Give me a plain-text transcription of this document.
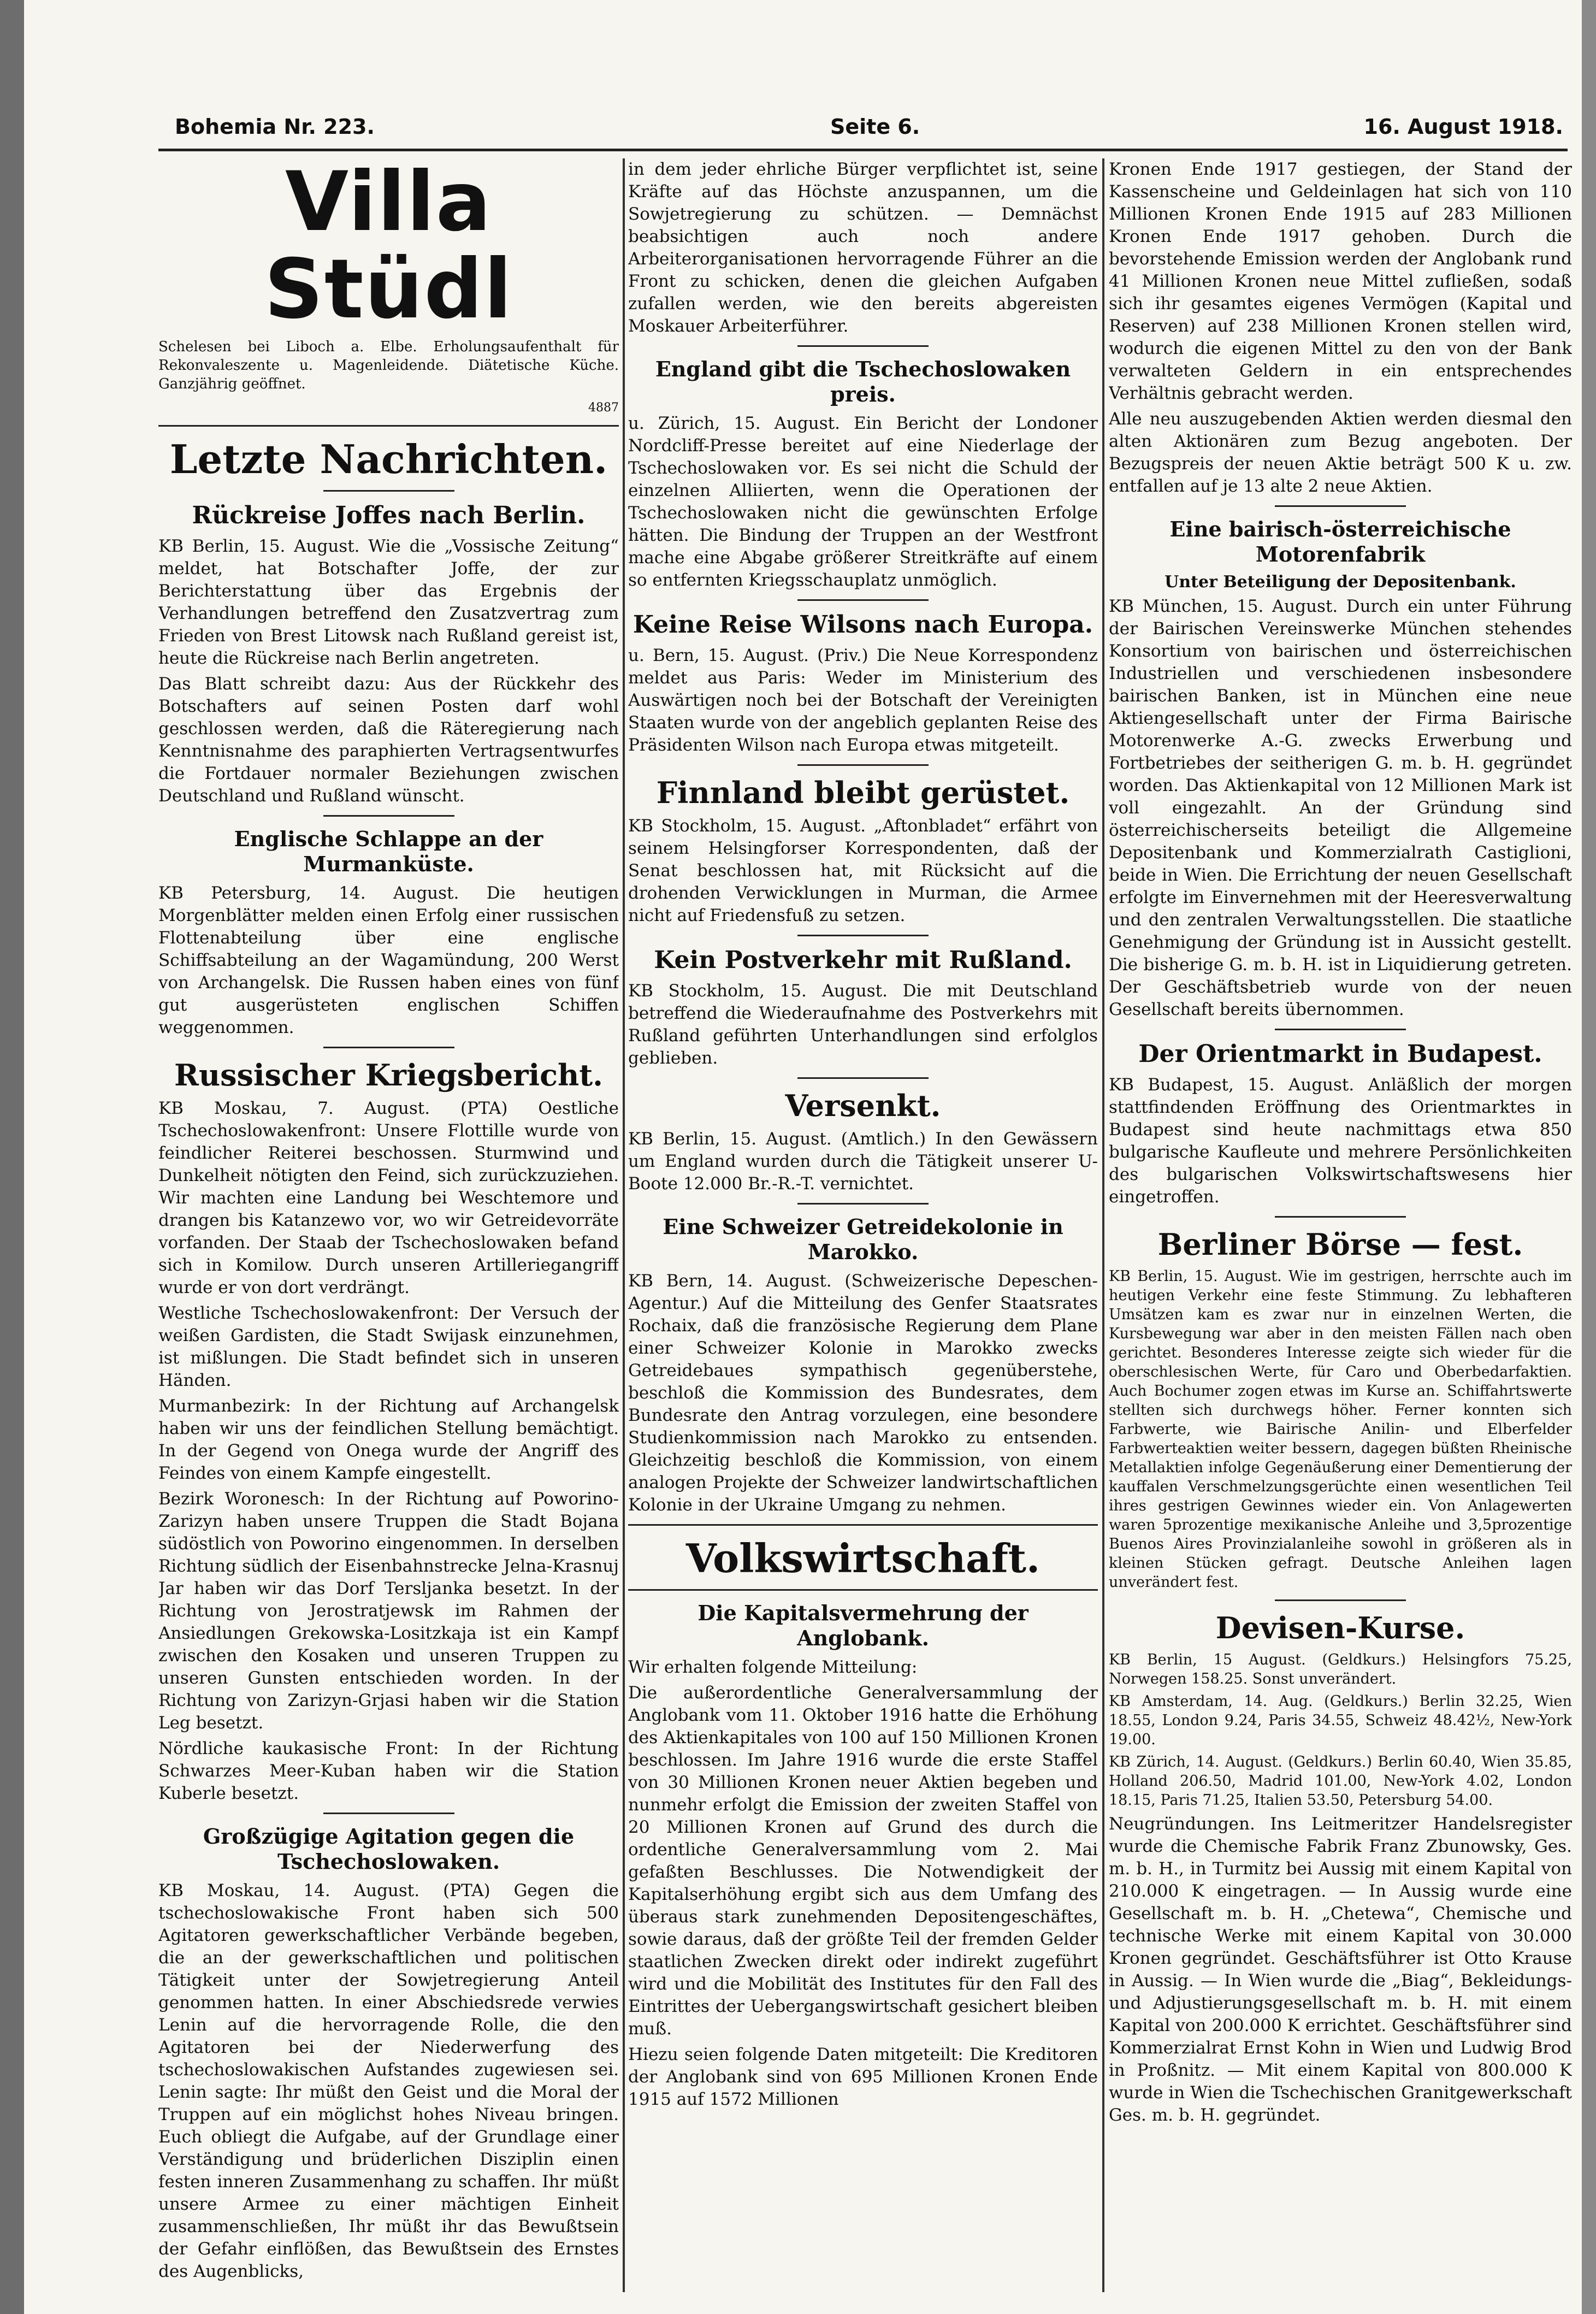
Bohemia Nr. 223.	Seite 6.	16. August 1918.
Villa Stüdl

Schelesen bei Liboch a. Elbe. Erholungsaufenthalt für Rekonvaleszente u. Magenleidende. Diätetische Küche. Ganzjährig geöffnet.

4887

Letzte Nachrichten.
Rückreise Joffes nach Berlin.

KB Berlin, 15. August. Wie die „Vossische Zeitung“ meldet, hat Botschafter Joffe, der zur Berichterstattung über das Ergebnis der Verhandlungen betreffend den Zusatzvertrag zum Frieden von Brest Litowsk nach Rußland gereist ist, heute die Rückreise nach Berlin angetreten.

Das Blatt schreibt dazu: Aus der Rückkehr des Botschafters auf seinen Posten darf wohl geschlossen werden, daß die Räteregierung nach Kenntnisnahme des paraphierten Vertragsentwurfes die Fortdauer normaler Beziehungen zwischen Deutschland und Rußland wünscht.

Englische Schlappe an der Murmanküste.

KB Petersburg, 14. August. Die heutigen Morgenblätter melden einen Erfolg einer russischen Flottenabteilung über eine englische Schiffsabteilung an der Wagamündung, 200 Werst von Archangelsk. Die Russen haben eines von fünf gut ausgerüsteten englischen Schiffen weggenommen.

Russischer Kriegsbericht.

KB Moskau, 7. August. (PTA) Oestliche Tschechoslowakenfront: Unsere Flottille wurde von feindlicher Reiterei beschossen. Sturmwind und Dunkelheit nötigten den Feind, sich zurückzuziehen. Wir machten eine Landung bei Weschtemore und drangen bis Katanzewo vor, wo wir Getreidevorräte vorfanden. Der Staab der Tschechoslowaken befand sich in Komilow. Durch unseren Artilleriegangriff wurde er von dort verdrängt.

Westliche Tschechoslowakenfront: Der Versuch der weißen Gardisten, die Stadt Swijask einzunehmen, ist mißlungen. Die Stadt befindet sich in unseren Händen.

Murmanbezirk: In der Richtung auf Archangelsk haben wir uns der feindlichen Stellung bemächtigt. In der Gegend von Onega wurde der Angriff des Feindes von einem Kampfe eingestellt.

Bezirk Woronesch: In der Richtung auf Poworino-Zarizyn haben unsere Truppen die Stadt Bojana südöstlich von Poworino eingenommen. In derselben Richtung südlich der Eisenbahnstrecke Jelna-Krasnuj Jar haben wir das Dorf Tersljanka besetzt. In der Richtung von Jerostratjewsk im Rahmen der Ansiedlungen Grekowska-Lositzkaja ist ein Kampf zwischen den Kosaken und unseren Truppen zu unseren Gunsten entschieden worden. In der Richtung von Zarizyn-Grjasi haben wir die Station Leg besetzt.

Nördliche kaukasische Front: In der Richtung Schwarzes Meer-Kuban haben wir die Station Kuberle besetzt.

Großzügige Agitation gegen die Tschechoslowaken.

KB Moskau, 14. August. (PTA) Gegen die tschechoslowakische Front haben sich 500 Agitatoren gewerkschaftlicher Verbände begeben, die an der gewerkschaftlichen und politischen Tätigkeit unter der Sowjetregierung Anteil genommen hatten. In einer Abschiedsrede verwies Lenin auf die hervorragende Rolle, die den Agitatoren bei der Niederwerfung des tschechoslowakischen Aufstandes zugewiesen sei. Lenin sagte: Ihr müßt den Geist und die Moral der Truppen auf ein möglichst hohes Niveau bringen. Euch obliegt die Aufgabe, auf der Grundlage einer Verständigung und brüderlichen Disziplin einen festen inneren Zusammenhang zu schaffen. Ihr müßt unsere Armee zu einer mächtigen Einheit zusammenschließen, Ihr müßt ihr das Bewußtsein der Gefahr einflößen, das Bewußtsein des Ernstes des Augenblicks,

in dem jeder ehrliche Bürger verpflichtet ist, seine Kräfte auf das Höchste anzuspannen, um die Sowjetregierung zu schützen. — Demnächst beabsichtigen auch noch andere Arbeiterorganisationen hervorragende Führer an die Front zu schicken, denen die gleichen Aufgaben zufallen werden, wie den bereits abgereisten Moskauer Arbeiterführer.

England gibt die Tschechoslowaken preis.

u. Zürich, 15. August. Ein Bericht der Londoner Nordcliff-Presse bereitet auf eine Niederlage der Tschechoslowaken vor. Es sei nicht die Schuld der einzelnen Alliierten, wenn die Operationen der Tschechoslowaken nicht die gewünschten Erfolge hätten. Die Bindung der Truppen an der Westfront mache eine Abgabe größerer Streitkräfte auf einem so entfernten Kriegsschauplatz unmöglich.

Keine Reise Wilsons nach Europa.

u. Bern, 15. August. (Priv.) Die Neue Korrespondenz meldet aus Paris: Weder im Ministerium des Auswärtigen noch bei der Botschaft der Vereinigten Staaten wurde von der angeblich geplanten Reise des Präsidenten Wilson nach Europa etwas mitgeteilt.

Finnland bleibt gerüstet.

KB Stockholm, 15. August. „Aftonbladet“ erfährt von seinem Helsingforser Korrespondenten, daß der Senat beschlossen hat, mit Rücksicht auf die drohenden Verwicklungen in Murman, die Armee nicht auf Friedensfuß zu setzen.

Kein Postverkehr mit Rußland.

KB Stockholm, 15. August. Die mit Deutschland betreffend die Wiederaufnahme des Postverkehrs mit Rußland geführten Unterhandlungen sind erfolglos geblieben.

Versenkt.

KB Berlin, 15. August. (Amtlich.) In den Gewässern um England wurden durch die Tätigkeit unserer U-Boote 12.000 Br.-R.-T. vernichtet.

Eine Schweizer Getreidekolonie in Marokko.

KB Bern, 14. August. (Schweizerische Depeschen-Agentur.) Auf die Mitteilung des Genfer Staatsrates Rochaix, daß die französische Regierung dem Plane einer Schweizer Kolonie in Marokko zwecks Getreidebaues sympathisch gegenüberstehe, beschloß die Kommission des Bundesrates, dem Bundesrate den Antrag vorzulegen, eine besondere Studienkommission nach Marokko zu entsenden. Gleichzeitig beschloß die Kommission, von einem analogen Projekte der Schweizer landwirtschaftlichen Kolonie in der Ukraine Umgang zu nehmen.

Volkswirtschaft.
Die Kapitalsvermehrung der Anglobank.

Wir erhalten folgende Mitteilung:

Die außerordentliche Generalversammlung der Anglobank vom 11. Oktober 1916 hatte die Erhöhung des Aktienkapitales von 100 auf 150 Millionen Kronen beschlossen. Im Jahre 1916 wurde die erste Staffel von 30 Millionen Kronen neuer Aktien begeben und nunmehr erfolgt die Emission der zweiten Staffel von 20 Millionen Kronen auf Grund des durch die ordentliche Generalversammlung vom 2. Mai gefaßten Beschlusses. Die Notwendigkeit der Kapitalserhöhung ergibt sich aus dem Umfang des überaus stark zunehmenden Depositengeschäftes, sowie daraus, daß der größte Teil der fremden Gelder staatlichen Zwecken direkt oder indirekt zugeführt wird und die Mobilität des Institutes für den Fall des Eintrittes der Uebergangswirtschaft gesichert bleiben muß.

Hiezu seien folgende Daten mitgeteilt: Die Kreditoren der Anglobank sind von 695 Millionen Kronen Ende 1915 auf 1572 Millionen

Kronen Ende 1917 gestiegen, der Stand der Kassenscheine und Geldeinlagen hat sich von 110 Millionen Kronen Ende 1915 auf 283 Millionen Kronen Ende 1917 gehoben. Durch die bevorstehende Emission werden der Anglobank rund 41 Millionen Kronen neue Mittel zufließen, sodaß sich ihr gesamtes eigenes Vermögen (Kapital und Reserven) auf 238 Millionen Kronen stellen wird, wodurch die eigenen Mittel zu den von der Bank verwalteten Geldern in ein entsprechendes Verhältnis gebracht werden.

Alle neu auszugebenden Aktien werden diesmal den alten Aktionären zum Bezug angeboten. Der Bezugspreis der neuen Aktie beträgt 500 K u. zw. entfallen auf je 13 alte 2 neue Aktien.

Eine bairisch-österreichische Motorenfabrik
Unter Beteiligung der Depositenbank.

KB München, 15. August. Durch ein unter Führung der Bairischen Vereinswerke München stehendes Konsortium von bairischen und österreichischen Industriellen und verschiedenen insbesondere bairischen Banken, ist in München eine neue Aktiengesellschaft unter der Firma Bairische Motorenwerke A.-G. zwecks Erwerbung und Fortbetriebes der seitherigen G. m. b. H. gegründet worden. Das Aktienkapital von 12 Millionen Mark ist voll eingezahlt. An der Gründung sind österreichischerseits beteiligt die Allgemeine Depositenbank und Kommerzialrath Castiglioni, beide in Wien. Die Errichtung der neuen Gesellschaft erfolgte im Einvernehmen mit der Heeresverwaltung und den zentralen Verwaltungsstellen. Die staatliche Genehmigung der Gründung ist in Aussicht gestellt. Die bisherige G. m. b. H. ist in Liquidierung getreten. Der Geschäftsbetrieb wurde von der neuen Gesellschaft bereits übernommen.

Der Orientmarkt in Budapest.

KB Budapest, 15. August. Anläßlich der morgen stattfindenden Eröffnung des Orientmarktes in Budapest sind heute nachmittags etwa 850 bulgarische Kaufleute und mehrere Persönlichkeiten des bulgarischen Volkswirtschaftswesens hier eingetroffen.

Berliner Börse — fest.

KB Berlin, 15. August. Wie im gestrigen, herrschte auch im heutigen Verkehr eine feste Stimmung. Zu lebhafteren Umsätzen kam es zwar nur in einzelnen Werten, die Kursbewegung war aber in den meisten Fällen nach oben gerichtet. Besonderes Interesse zeigte sich wieder für die oberschlesischen Werte, für Caro und Oberbedarfaktien. Auch Bochumer zogen etwas im Kurse an. Schiffahrtswerte stellten sich durchwegs höher. Ferner konnten sich Farbwerte, wie Bairische Anilin- und Elberfelder Farbwerteaktien weiter bessern, dagegen büßten Rheinische Metallaktien infolge Gegenäußerung einer Dementierung der kauffalen Verschmelzungsgerüchte einen wesentlichen Teil ihres gestrigen Gewinnes wieder ein. Von Anlagewerten waren 5prozentige mexikanische Anleihe und 3,5prozentige Buenos Aires Provinzialanleihe sowohl in größeren als in kleinen Stücken gefragt. Deutsche Anleihen lagen unverändert fest.

Devisen-Kurse.

KB Berlin, 15 August. (Geldkurs.) Helsingfors 75.25, Norwegen 158.25. Sonst unverändert.

KB Amsterdam, 14. Aug. (Geldkurs.) Berlin 32.25, Wien 18.55, London 9.24, Paris 34.55, Schweiz 48.42½, New-York 19.00.

KB Zürich, 14. August. (Geldkurs.) Berlin 60.40, Wien 35.85, Holland 206.50, Madrid 101.00, New-York 4.02, London 18.15, Paris 71.25, Italien 53.50, Petersburg 54.00.

Neugründungen. Ins Leitmeritzer Handelsregister wurde die Chemische Fabrik Franz Zbunowsky, Ges. m. b. H., in Turmitz bei Aussig mit einem Kapital von 210.000 K eingetragen. — In Aussig wurde eine Gesellschaft m. b. H. „Chetewa“, Chemische und technische Werke mit einem Kapital von 30.000 Kronen gegründet. Geschäftsführer ist Otto Krause in Aussig. — In Wien wurde die „Biag“, Bekleidungs- und Adjustierungsgesellschaft m. b. H. mit einem Kapital von 200.000 K errichtet. Geschäftsführer sind Kommerzialrat Ernst Kohn in Wien und Ludwig Brod in Proßnitz. — Mit einem Kapital von 800.000 K wurde in Wien die Tschechischen Granitgewerkschaft Ges. m. b. H. gegründet.
